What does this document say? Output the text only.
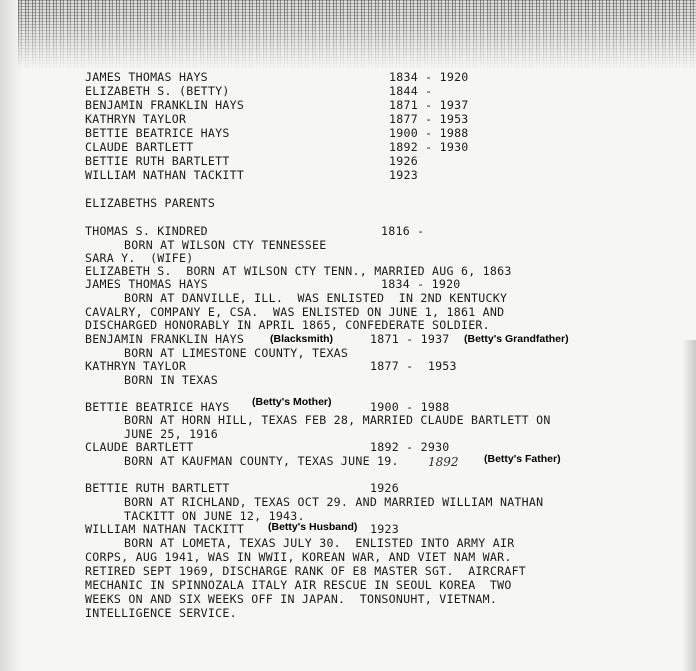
JAMES THOMAS HAYS	1834 - 1920
ELIZABETH S. (BETTY)	1844 -
BENJAMIN FRANKLIN HAYS	1871 - 1937
KATHRYN TAYLOR	1877 - 1953
BETTIE BEATRICE HAYS	1900 - 1988
CLAUDE BARTLETT	1892 - 1930
BETTIE RUTH BARTLETT	1926
WILLIAM NATHAN TACKITT	1923
ELIZABETHS PARENTS
THOMAS S. KINDRED	1816 -
BORN AT WILSON CTY TENNESSEE
SARA Y.  (WIFE)
ELIZABETH S.  BORN AT WILSON CTY TENN., MARRIED AUG 6, 1863
JAMES THOMAS HAYS	1834 - 1920
BORN AT DANVILLE, ILL.  WAS ENLISTED  IN 2ND KENTUCKY
CAVALRY, COMPANY E, CSA.  WAS ENLISTED ON JUNE 1, 1861 AND
DISCHARGED HONORABLY IN APRIL 1865, CONFEDERATE SOLDIER.
BENJAMIN FRANKLIN HAYS (Blacksmith)	1871 - 1937 (Betty's Grandfather)
BORN AT LIMESTONE COUNTY, TEXAS
KATHRYN TAYLOR	1877 -  1953
BORN IN TEXAS
BETTIE BEATRICE HAYS (Betty's Mother)	1900 - 1988
BORN AT HORN HILL, TEXAS FEB 28, MARRIED CLAUDE BARTLETT ON
JUNE 25, 1916
CLAUDE BARTLETT	1892 - 2930
BORN AT KAUFMAN COUNTY, TEXAS JUNE 19. 1892 (Betty's Father)
BETTIE RUTH BARTLETT	1926
BORN AT RICHLAND, TEXAS OCT 29. AND MARRIED WILLIAM NATHAN
TACKITT ON JUNE 12, 1943.
WILLIAM NATHAN TACKITT (Betty's Husband) 1923
BORN AT LOMETA, TEXAS JULY 30.  ENLISTED INTO ARMY AIR
CORPS, AUG 1941, WAS IN WWII, KOREAN WAR, AND VIET NAM WAR.
RETIRED SEPT 1969, DISCHARGE RANK OF E8 MASTER SGT.  AIRCRAFT
MECHANIC IN SPINNOZALA ITALY AIR RESCUE IN SEOUL KOREA  TWO
WEEKS ON AND SIX WEEKS OFF IN JAPAN.  TONSONUHT, VIETNAM.
INTELLIGENCE SERVICE.
